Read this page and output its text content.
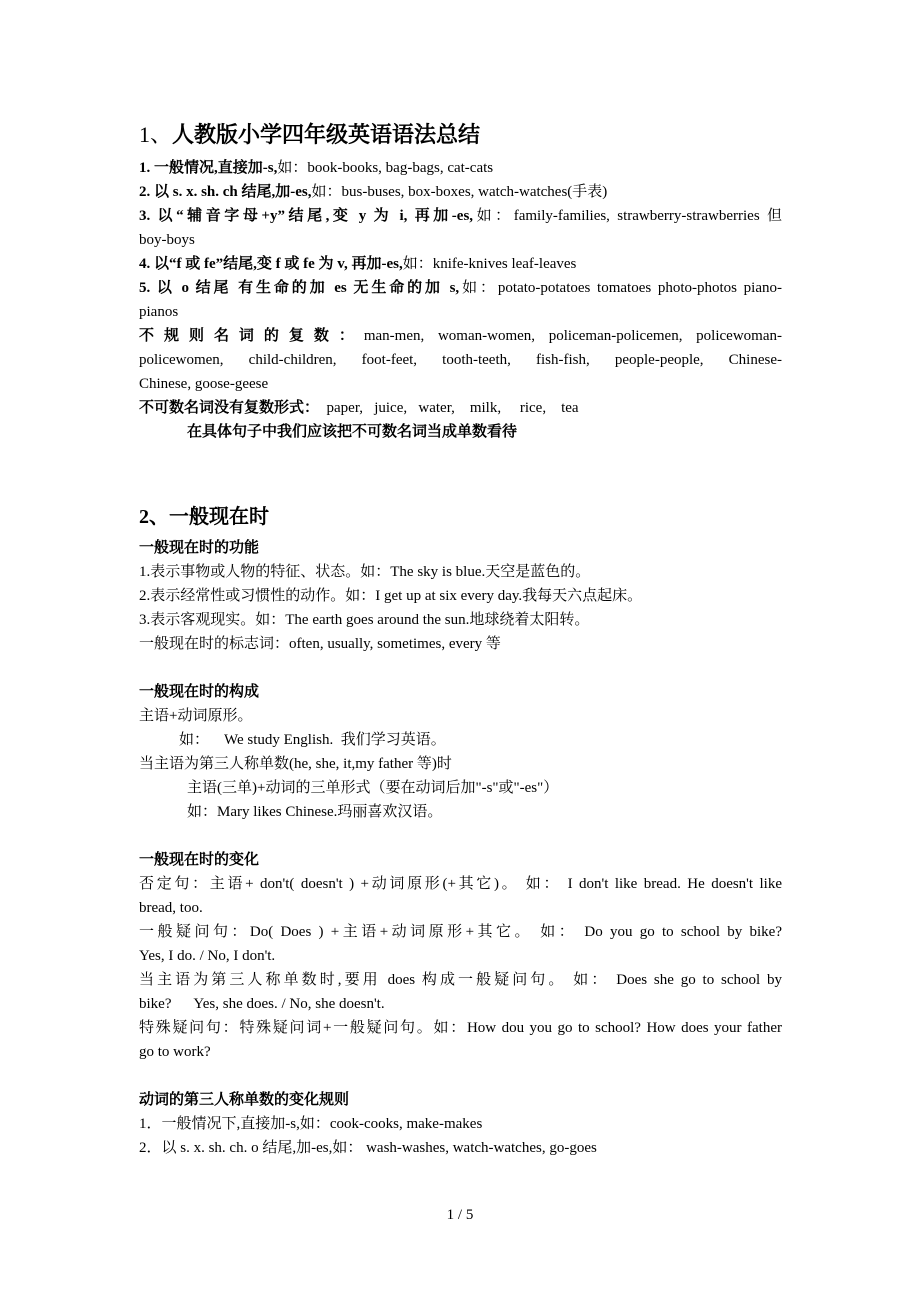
1、人教版小学四年级英语语法总结

1. 一般情况,直接加-s,如：book-books, bag-bags, cat-cats

2. 以 s. x. sh. ch 结尾,加-es,如：bus-buses, box-boxes, watch-watches(手表)

3. 以“辅音字母+y”结尾,变 y 为 i, 再加-es,如：family-families, strawberry-strawberries 但

boy-boys

4. 以“f 或 fe”结尾,变 f 或 fe 为 v, 再加-es,如：knife-knives leaf-leaves

5. 以 o 结尾 有生命的加 es 无生命的加 s,如：potato-potatoes tomatoes photo-photos piano-

pianos

不规则名词的复数：man-men, woman-women, policeman-policemen, policewoman-

policewomen, child-children, foot-feet, tooth-teeth, fish-fish, people-people, Chinese-

Chinese, goose-geese

不可数名词没有复数形式：  paper,   juice,   water,    milk,     rice,    tea

在具体句子中我们应该把不可数名词当成单数看待

2、一般现在时

一般现在时的功能

1.表示事物或人物的特征、状态。如：The sky is blue.天空是蓝色的。

2.表示经常性或习惯性的动作。如：I get up at six every day.我每天六点起床。

3.表示客观现实。如：The earth goes around the sun.地球绕着太阳转。

一般现在时的标志词：often, usually, sometimes, every 等

一般现在时的构成

主语+动词原形。

如：    We study English.  我们学习英语。

当主语为第三人称单数(he, she, it,my father 等)时

主语(三单)+动词的三单形式（要在动词后加"-s"或"-es"）

如：Mary likes Chinese.玛丽喜欢汉语。

一般现在时的变化

否定句：主语+ don't( doesn't ) +动词原形(+其它)。 如： I don't like bread. He doesn't like

bread, too.

一般疑问句：Do( Does ) +主语+动词原形+其它。 如： Do you go to school by bike?

Yes, I do. / No, I don't.

当主语为第三人称单数时,要用 does 构成一般疑问句。 如： Does she go to school by

bike?      Yes, she does. / No, she doesn't.

特殊疑问句：特殊疑问词+一般疑问句。如：How dou you go to school? How does your father

go to work?

动词的第三人称单数的变化规则

1．一般情况下,直接加-s,如：cook-cooks, make-makes

2．以 s. x. sh. ch. o 结尾,加-es,如： wash-washes, watch-watches, go-goes

1 / 5
